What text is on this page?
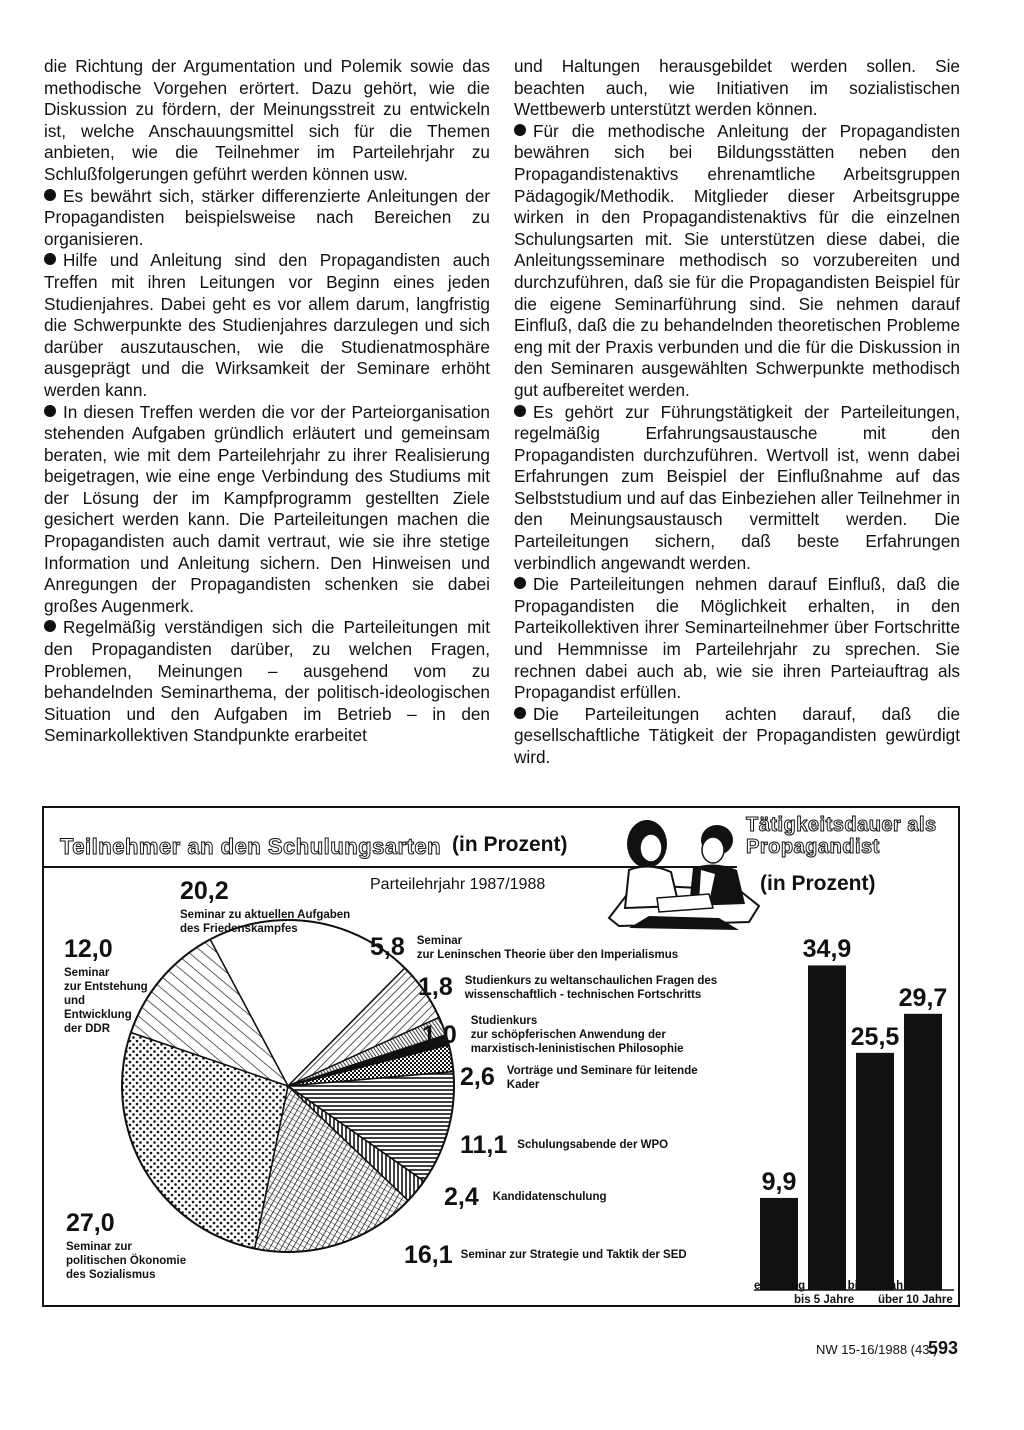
die Richtung der Argumentation und Polemik sowie das methodische Vorgehen erörtert. Dazu gehört, wie die Diskussion zu fördern, der Meinungsstreit zu entwickeln ist, welche Anschauungsmittel sich für die Themen anbieten, wie die Teilnehmer im Parteilehrjahr zu Schlußfolgerungen geführt werden können usw.

Es bewährt sich, stärker differenzierte Anleitungen der Propagandisten beispielsweise nach Bereichen zu organisieren.

Hilfe und Anleitung sind den Propagandisten auch Treffen mit ihren Leitungen vor Beginn eines jeden Studienjahres. Dabei geht es vor allem darum, langfristig die Schwerpunkte des Studienjahres darzulegen und sich darüber auszutauschen, wie die Studienatmosphäre ausgeprägt und die Wirksamkeit der Seminare erhöht werden kann.

In diesen Treffen werden die vor der Parteiorganisation stehenden Aufgaben gründlich erläutert und gemeinsam beraten, wie mit dem Parteilehrjahr zu ihrer Realisierung beigetragen, wie eine enge Verbindung des Studiums mit der Lösung der im Kampfprogramm gestellten Ziele gesichert werden kann. Die Parteileitungen machen die Propagandisten auch damit vertraut, wie sie ihre stetige Information und Anleitung sichern. Den Hinweisen und Anregungen der Propagandisten schenken sie dabei großes Augenmerk.

Regelmäßig verständigen sich die Parteileitungen mit den Propagandisten darüber, zu welchen Fragen, Problemen, Meinungen – ausgehend vom zu behandelnden Seminarthema, der politisch-ideologischen Situation und den Aufgaben im Betrieb – in den Seminarkollektiven Standpunkte erarbeitet

und Haltungen herausgebildet werden sollen. Sie beachten auch, wie Initiativen im sozialistischen Wettbewerb unterstützt werden können.

Für die methodische Anleitung der Propagandisten bewähren sich bei Bildungsstätten neben den Propagandistenaktivs ehrenamtliche Arbeitsgruppen Pädagogik/Methodik. Mitglieder dieser Arbeitsgruppe wirken in den Propagandistenaktivs für die einzelnen Schulungsarten mit. Sie unterstützen diese dabei, die Anleitungsseminare methodisch so vorzubereiten und durchzuführen, daß sie für die Propagandisten Beispiel für die eigene Seminarführung sind. Sie nehmen darauf Einfluß, daß die zu behandelnden theoretischen Probleme eng mit der Praxis verbunden und die für die Diskussion in den Seminaren ausgewählten Schwerpunkte methodisch gut aufbereitet werden.

Es gehört zur Führungstätigkeit der Parteileitungen, regelmäßig Erfahrungsaustausche mit den Propagandisten durchzuführen. Wertvoll ist, wenn dabei Erfahrungen zum Beispiel der Einflußnahme auf das Selbststudium und auf das Einbeziehen aller Teilnehmer in den Meinungsaustausch vermittelt werden. Die Parteileitungen sichern, daß beste Erfahrungen verbindlich angewandt werden.

Die Parteileitungen nehmen darauf Einfluß, daß die Propagandisten die Möglichkeit erhalten, in den Parteikollektiven ihrer Seminarteilnehmer über Fortschritte und Hemmnisse im Parteilehrjahr zu sprechen. Sie rechnen dabei auch ab, wie sie ihren Parteiauftrag als Propagandist erfüllen.

Die Parteileitungen achten darauf, daß die gesellschaftliche Tätigkeit der Propagandisten gewürdigt wird.

Teilnehmer an den Schulungsarten (in Prozent)
Parteilehrjahr 1987/1988
Tätigkeitsdauer als
Propagandist
(in Prozent)
20,2
Seminar zu aktuellen Aufgaben des Friedenskampfes
5,8 Seminar
zur Leninschen Theorie über den Imperialismus
1,8 Studienkurs zu weltanschaulichen Fragen des
wissenschaftlich - technischen Fortschritts
1,0 Studienkurs
zur schöpferischen Anwendung der
marxistisch-leninistischen Philosophie
2,6 Vorträge und Seminare für leitende
Kader
11,1 Schulungsabende der WPO
2,4 Kandidatenschulung
16,1 Seminar zur Strategie und Taktik der SED
27,0
Seminar zur
politischen Ökonomie
des Sozialismus
12,0
Seminar
zur Entstehung
und
Entwicklung
der DDR
9,9
34,9
25,5
29,7
erstmalig
bis 5 Jahre
5 bis 10 Jahre
über 10 Jahre
NW 15-16/1988 (43.)
593
